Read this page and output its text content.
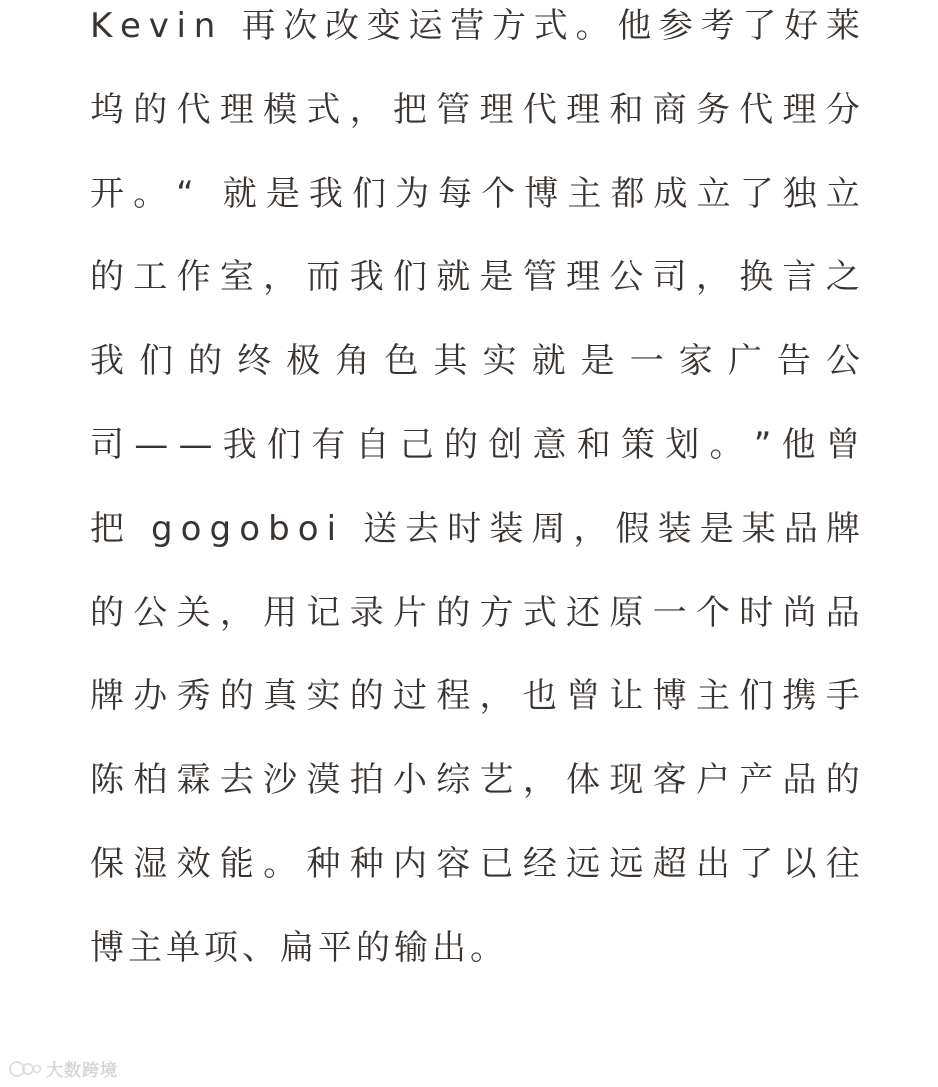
K e v i n
再 次 改 变 运 营 方 式 。 他 参 考 了 好 莱
坞 的 代 理 模 式 ， 把 管 理 代 理 和 商 务 代 理 分
开 。 “
就 是 我 们 为 每 个 博 主 都 成 立 了 独 立
的 工 作 室 ， 而 我 们 就 是 管 理 公 司 ， 换 言 之
我 们 的 终 极 角 色 其 实 就 是 一 家 广 告 公
司 — — 我 们 有 自 己 的 创 意 和 策 划 。 ” 他 曾
把
g o g o b o i
送 去 时 装 周 ， 假 装 是 某 品 牌
的 公 关 ， 用 记 录 片 的 方 式 还 原 一 个 时 尚 品
牌 办 秀 的 真 实 的 过 程 ， 也 曾 让 博 主 们 携 手
陈 柏 霖 去 沙 漠 拍 小 综 艺 ， 体 现 客 户 产 品 的
保 湿 效 能 。 种 种 内 容 已 经 远 远 超 出 了 以 往
博主单项、扁平的输出。
大数跨境
